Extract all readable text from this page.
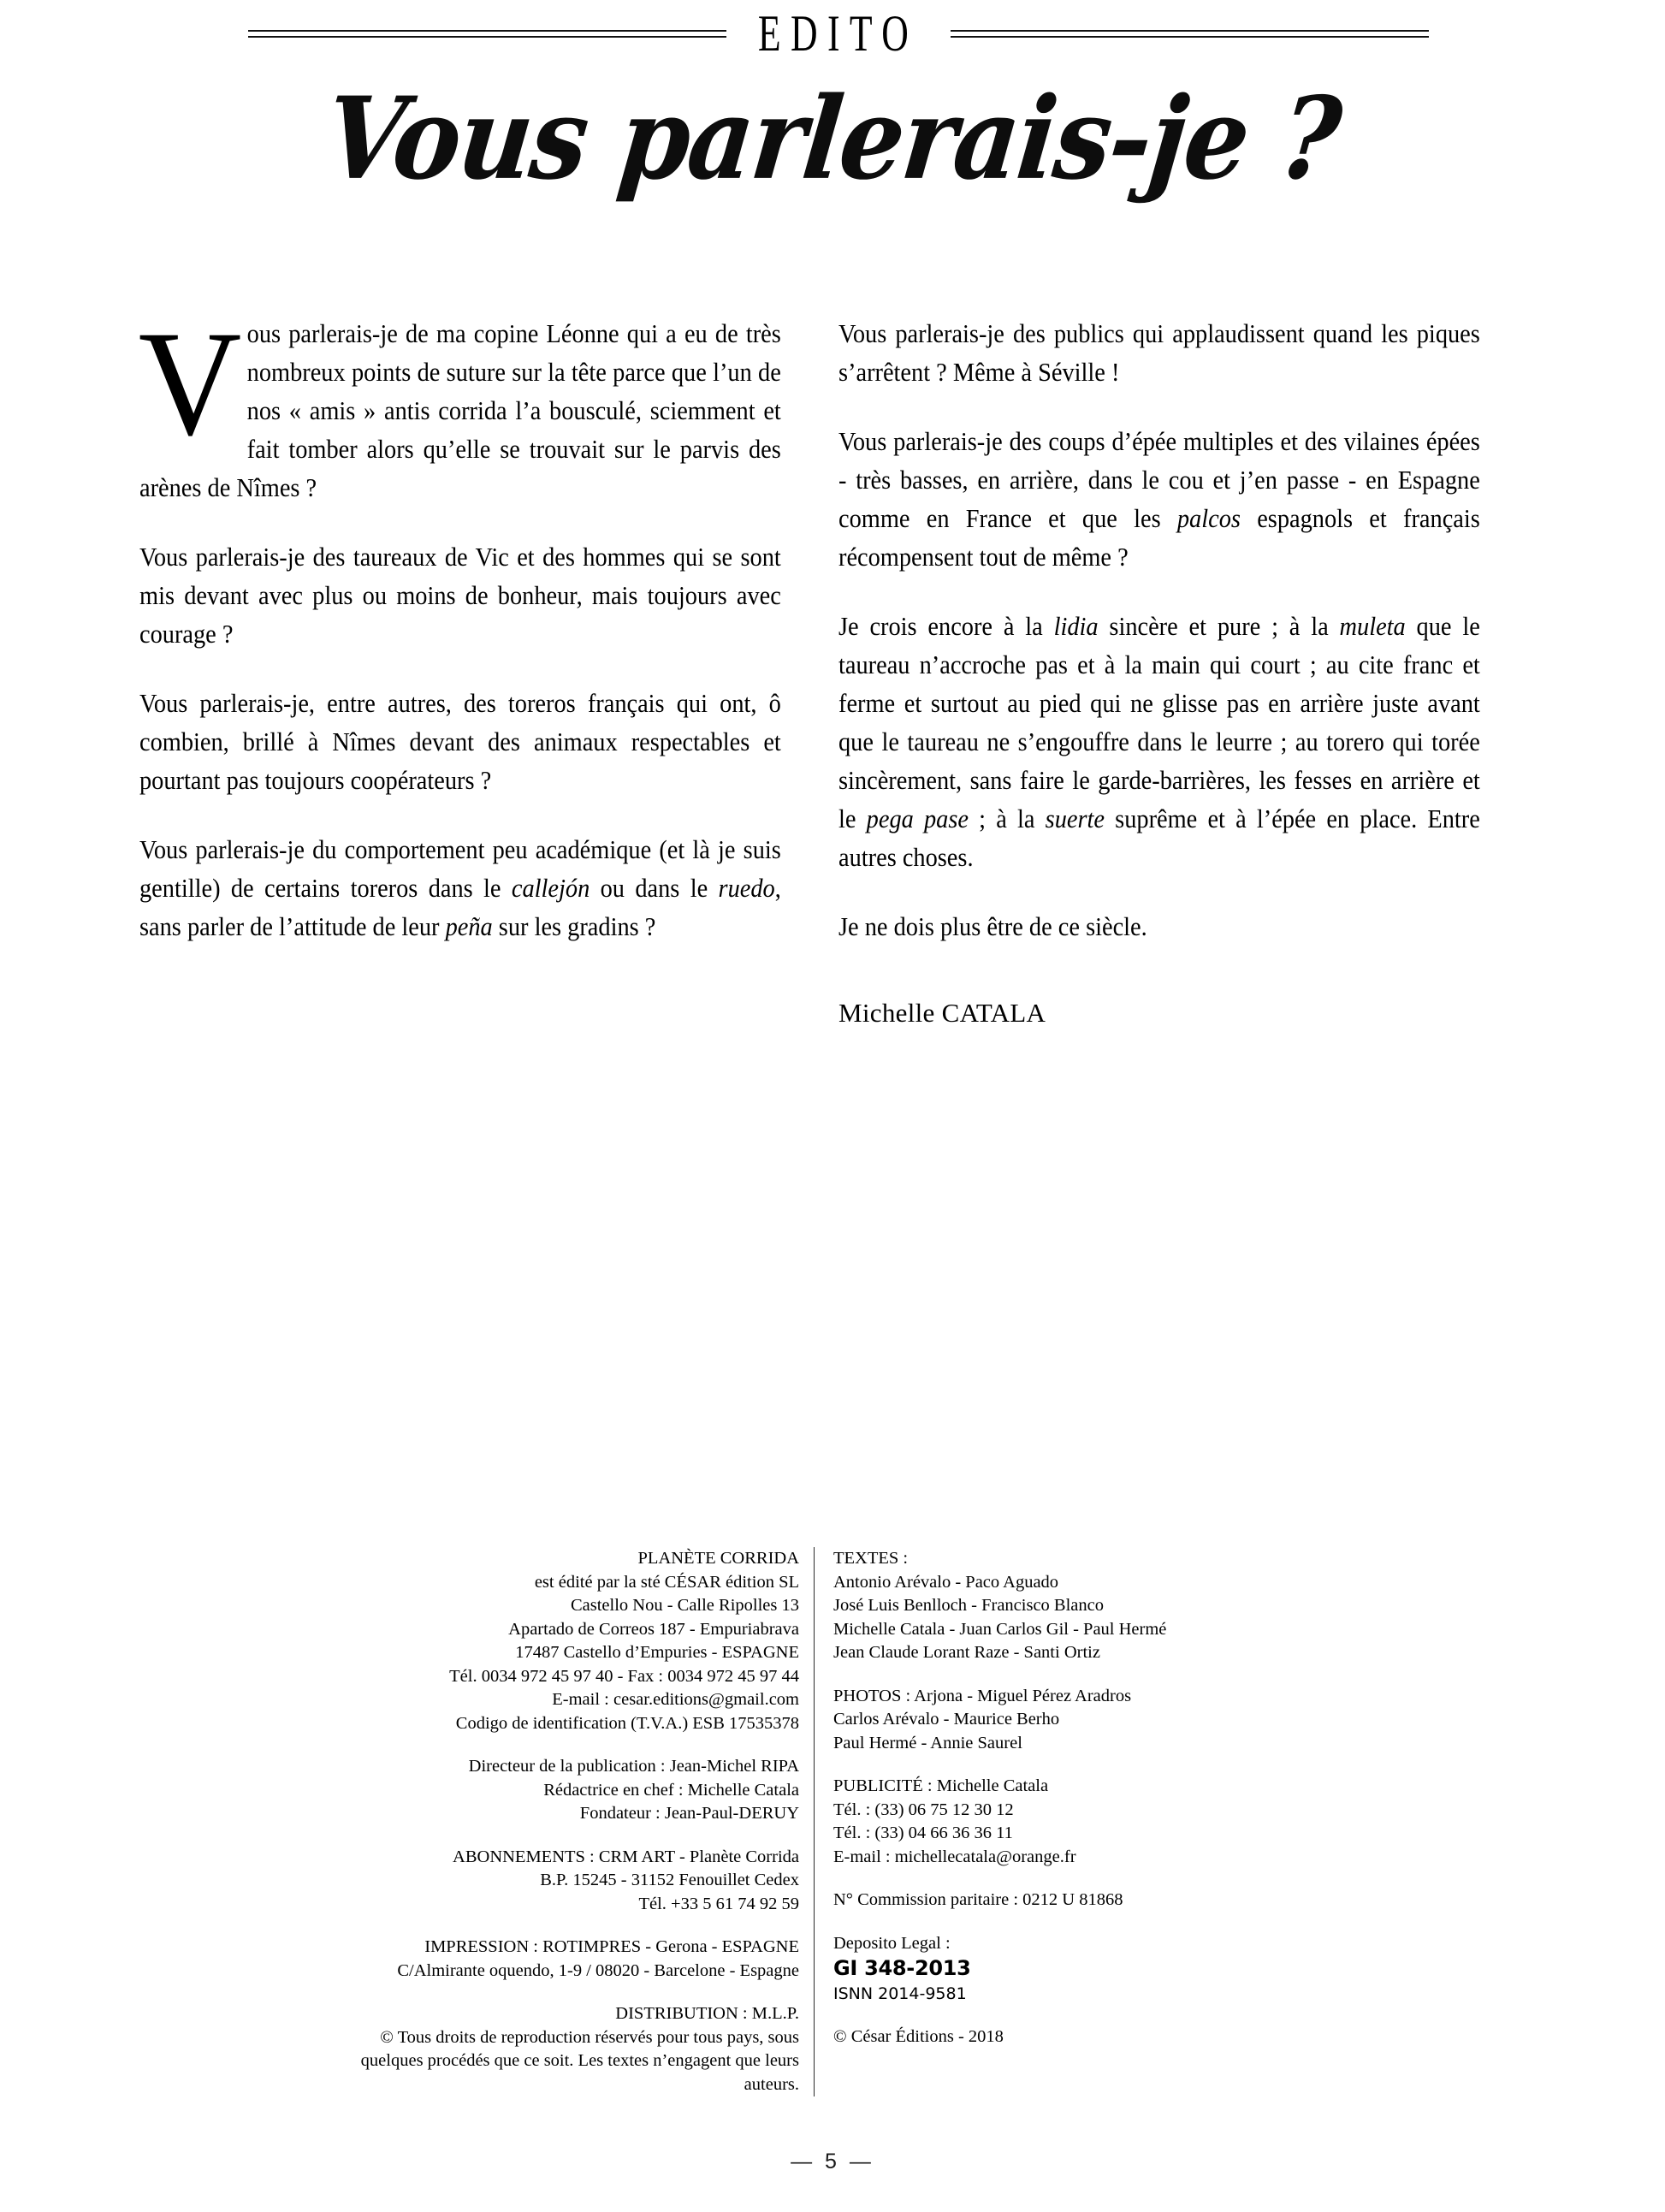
EDITO
Vous parlerais-je ?

Vous parlerais-je de ma copine Léonne qui a eu de très nombreux points de suture sur la tête parce que l’un de nos « amis » antis corrida l’a bousculé, sciemment et fait tomber alors qu’elle se trouvait sur le parvis des arènes de Nîmes ?

Vous parlerais-je des taureaux de Vic et des hommes qui se sont mis devant avec plus ou moins de bonheur, mais toujours avec courage ?

Vous parlerais-je, entre autres, des toreros français qui ont, ô combien, brillé à Nîmes devant des animaux respectables et pourtant pas toujours coopérateurs ?

Vous parlerais-je du comportement peu académique (et là je suis gentille) de certains toreros dans le callejón ou dans le ruedo, sans parler de l’attitude de leur peña sur les gradins ?

Vous parlerais-je des publics qui applaudissent quand les piques s’arrêtent ? Même à Séville !

Vous parlerais-je des coups d’épée multiples et des vilaines épées - très basses, en arrière, dans le cou et j’en passe - en Espagne comme en France et que les palcos espagnols et français récompensent tout de même ?

Je crois encore à la lidia sincère et pure ; à la muleta que le taureau n’accroche pas et à la main qui court ; au cite franc et ferme et surtout au pied qui ne glisse pas en arrière juste avant que le taureau ne s’engouffre dans le leurre ; au torero qui torée sincèrement, sans faire le garde-barrières, les fesses en arrière et le pega pase ; à la suerte suprême et à l’épée en place. Entre autres choses.

Je ne dois plus être de ce siècle.

Michelle CATALA
PLANÈTE CORRIDA
est édité par la sté CÉSAR édition SL
Castello Nou - Calle Ripolles 13
Apartado de Correos 187 - Empuriabrava
17487 Castello d’Empuries - ESPAGNE
Tél. 0034 972 45 97 40 - Fax : 0034 972 45 97 44
E-mail : cesar.editions@gmail.com
Codigo de identification (T.V.A.) ESB 17535378
Directeur de la publication : Jean-Michel RIPA
Rédactrice en chef : Michelle Catala
Fondateur : Jean-Paul-DERUY
ABONNEMENTS : CRM ART - Planète Corrida
B.P. 15245 - 31152 Fenouillet Cedex
Tél. +33 5 61 74 92 59
IMPRESSION : ROTIMPRES - Gerona - ESPAGNE
C/Almirante oquendo, 1-9 / 08020 - Barcelone - Espagne
DISTRIBUTION : M.L.P.
© Tous droits de reproduction réservés pour tous pays, sous quelques procédés que ce soit. Les textes n’engagent que leurs auteurs.
TEXTES :
Antonio Arévalo - Paco Aguado
José Luis Benlloch - Francisco Blanco
Michelle Catala - Juan Carlos Gil - Paul Hermé
Jean Claude Lorant Raze - Santi Ortiz
PHOTOS : Arjona - Miguel Pérez Aradros
Carlos Arévalo - Maurice Berho
Paul Hermé - Annie Saurel
PUBLICITÉ : Michelle Catala
Tél. : (33) 06 75 12 30 12
Tél. : (33) 04 66 36 36 11
E-mail : michellecatala@orange.fr
N° Commission paritaire : 0212 U 81868
Deposito Legal :
GI 348-2013
ISNN 2014-9581
© César Éditions - 2018
— 5 —
